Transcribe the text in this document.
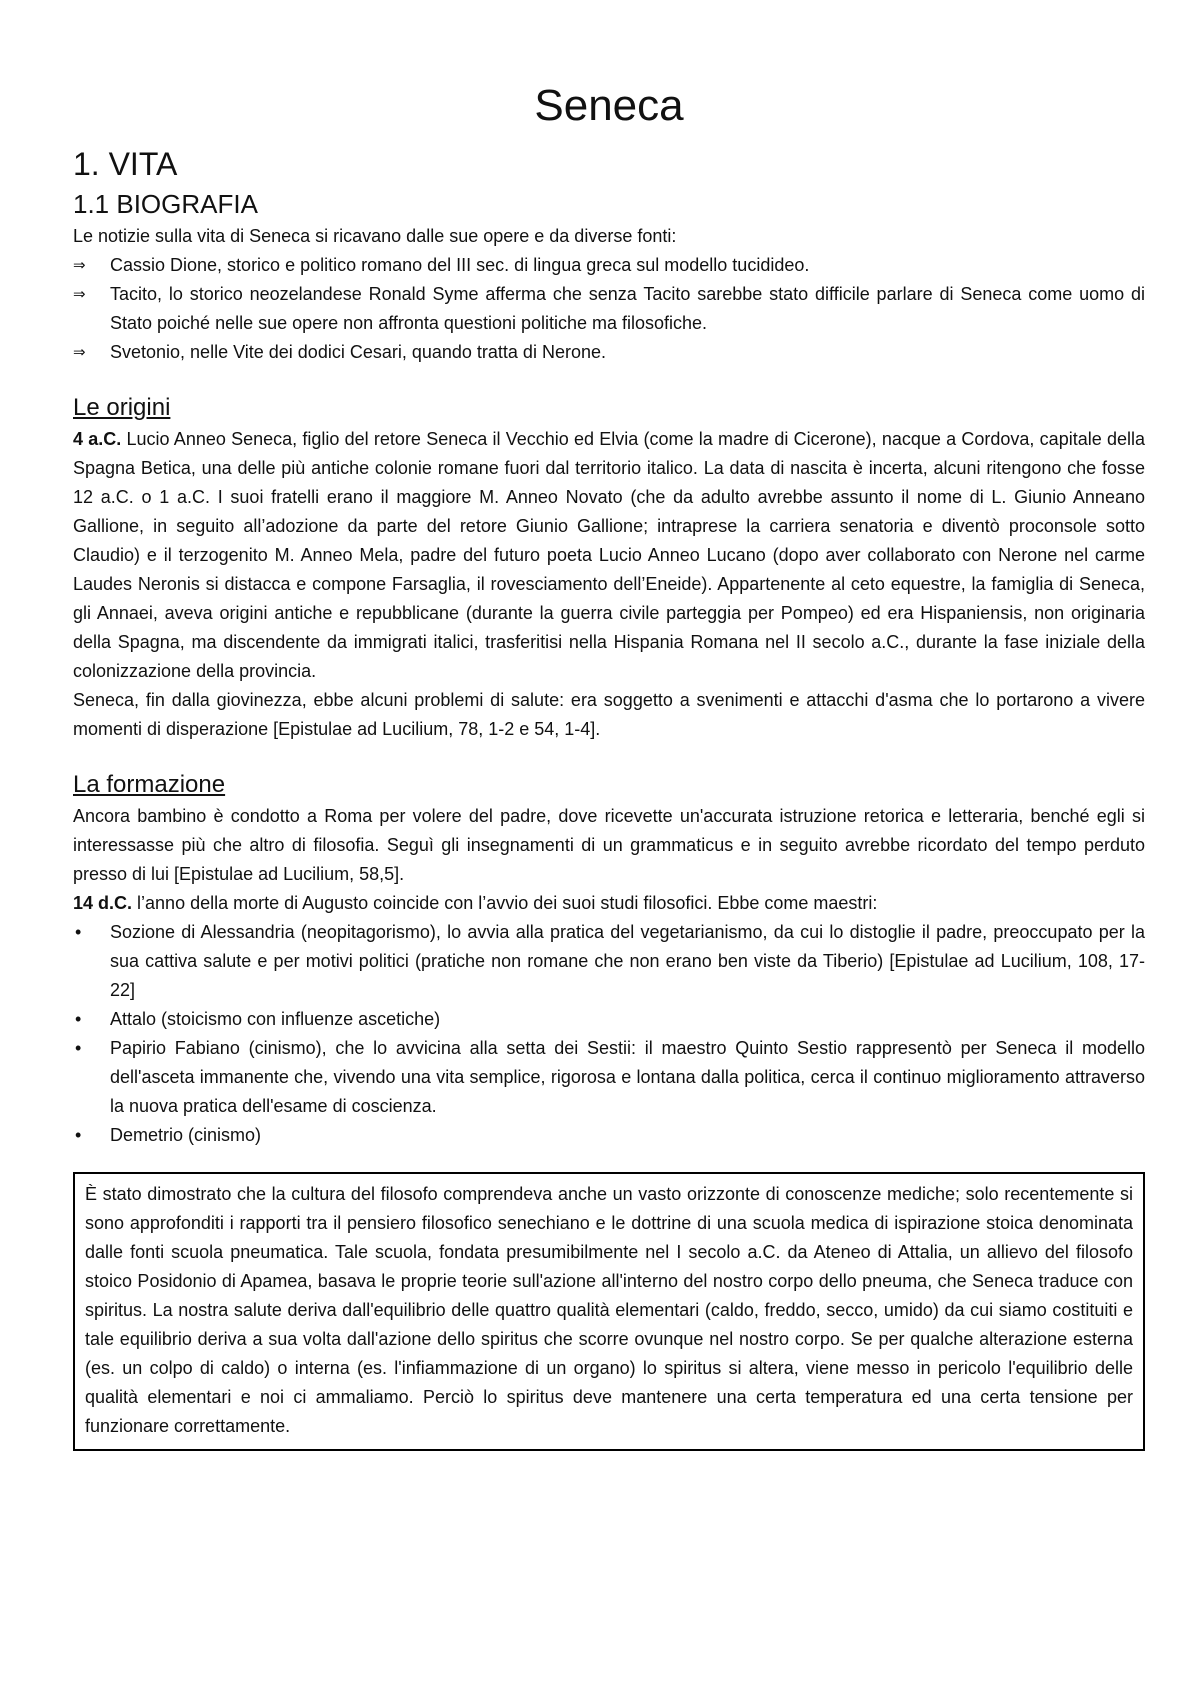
Seneca
1. VITA
1.1 BIOGRAFIA

Le notizie sulla vita di Seneca si ricavano dalle sue opere e da diverse fonti:

⇒ Cassio Dione, storico e politico romano del III sec. di lingua greca sul modello tucidideo.
⇒ Tacito, lo storico neozelandese Ronald Syme afferma che senza Tacito sarebbe stato difficile parlare di Seneca come uomo di Stato poiché nelle sue opere non affronta questioni politiche ma filosofiche.
⇒ Svetonio, nelle Vite dei dodici Cesari, quando tratta di Nerone.
Le origini

4 a.C. Lucio Anneo Seneca, figlio del retore Seneca il Vecchio ed Elvia (come la madre di Cicerone), nacque a Cordova, capitale della Spagna Betica, una delle più antiche colonie romane fuori dal territorio italico. La data di nascita è incerta, alcuni ritengono che fosse 12 a.C. o 1 a.C. I suoi fratelli erano il maggiore M. Anneo Novato (che da adulto avrebbe assunto il nome di L. Giunio Anneano Gallione, in seguito all’adozione da parte del retore Giunio Gallione; intraprese la carriera senatoria e diventò proconsole sotto Claudio) e il terzogenito M. Anneo Mela, padre del futuro poeta Lucio Anneo Lucano (dopo aver collaborato con Nerone nel carme Laudes Neronis si distacca e compone Farsaglia, il rovesciamento dell’Eneide). Appartenente al ceto equestre, la famiglia di Seneca, gli Annaei, aveva origini antiche e repubblicane (durante la guerra civile parteggia per Pompeo) ed era Hispaniensis, non originaria della Spagna, ma discendente da immigrati italici, trasferitisi nella Hispania Romana nel II secolo a.C., durante la fase iniziale della colonizzazione della provincia.

Seneca, fin dalla giovinezza, ebbe alcuni problemi di salute: era soggetto a svenimenti e attacchi d'asma che lo portarono a vivere momenti di disperazione [Epistulae ad Lucilium, 78, 1-2 e 54, 1-4].

La formazione

Ancora bambino è condotto a Roma per volere del padre, dove ricevette un'accurata istruzione retorica e letteraria, benché egli si interessasse più che altro di filosofia. Seguì gli insegnamenti di un grammaticus e in seguito avrebbe ricordato del tempo perduto presso di lui [Epistulae ad Lucilium, 58,5].

14 d.C. l’anno della morte di Augusto coincide con l’avvio dei suoi studi filosofici. Ebbe come maestri:

• Sozione di Alessandria (neopitagorismo), lo avvia alla pratica del vegetarianismo, da cui lo distoglie il padre, preoccupato per la sua cattiva salute e per motivi politici (pratiche non romane che non erano ben viste da Tiberio) [Epistulae ad Lucilium, 108, 17-22]
• Attalo (stoicismo con influenze ascetiche)
• Papirio Fabiano (cinismo), che lo avvicina alla setta dei Sestii: il maestro Quinto Sestio rappresentò per Seneca il modello dell'asceta immanente che, vivendo una vita semplice, rigorosa e lontana dalla politica, cerca il continuo miglioramento attraverso la nuova pratica dell'esame di coscienza.
• Demetrio (cinismo)

È stato dimostrato che la cultura del filosofo comprendeva anche un vasto orizzonte di conoscenze mediche; solo recentemente si sono approfonditi i rapporti tra il pensiero filosofico senechiano e le dottrine di una scuola medica di ispirazione stoica denominata dalle fonti scuola pneumatica. Tale scuola, fondata presumibilmente nel I secolo a.C. da Ateneo di Attalia, un allievo del filosofo stoico Posidonio di Apamea, basava le proprie teorie sull'azione all'interno del nostro corpo dello pneuma, che Seneca traduce con spiritus. La nostra salute deriva dall'equilibrio delle quattro qualità elementari (caldo, freddo, secco, umido) da cui siamo costituiti e tale equilibrio deriva a sua volta dall'azione dello spiritus che scorre ovunque nel nostro corpo. Se per qualche alterazione esterna (es. un colpo di caldo) o interna (es. l'infiammazione di un organo) lo spiritus si altera, viene messo in pericolo l'equilibrio delle qualità elementari e noi ci ammaliamo. Perciò lo spiritus deve mantenere una certa temperatura ed una certa tensione per funzionare correttamente.
